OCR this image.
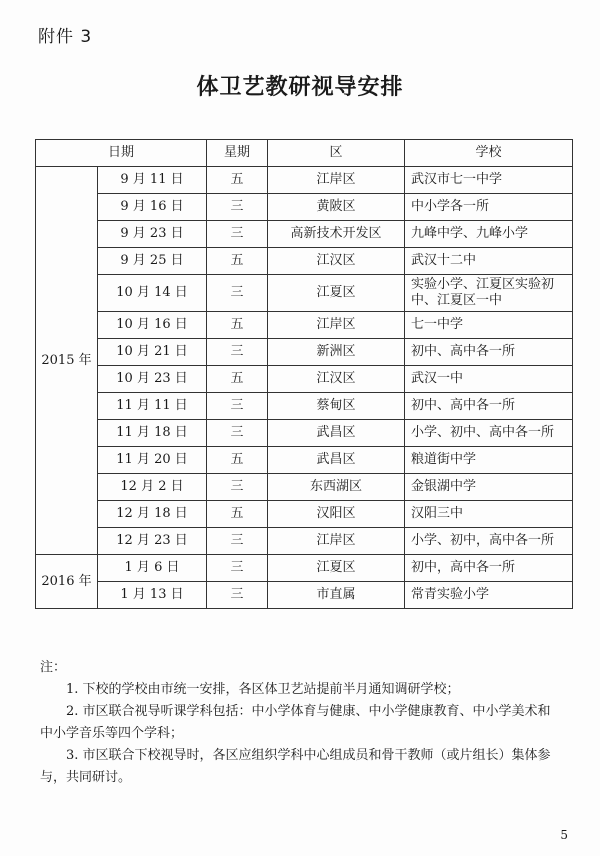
附件 3
体卫艺教研视导安排
日期		星期	区	学校
2015 年	9 月 11 日	五	江岸区	武汉市七一中学
	9 月 16 日	三	黄陂区	中小学各一所
	9 月 23 日	三	高新技术开发区	九峰中学、九峰小学
	9 月 25 日	五	江汉区	武汉十二中
	10 月 14 日	三	江夏区	实验小学、江夏区实验初中、江夏区一中
	10 月 16 日	五	江岸区	七一中学
	10 月 21 日	三	新洲区	初中、高中各一所
	10 月 23 日	五	江汉区	武汉一中
	11 月 11 日	三	蔡甸区	初中、高中各一所
	11 月 18 日	三	武昌区	小学、初中、高中各一所
	11 月 20 日	五	武昌区	粮道街中学
	12 月 2 日	三	东西湖区	金银湖中学
	12 月 18 日	五	汉阳区	汉阳三中
	12 月 23 日	三	江岸区	小学、初中，高中各一所
2016 年	1 月 6 日	三	江夏区	初中，高中各一所
	1 月 13 日	三	市直属	常青实验小学

注：

1. 下校的学校由市统一安排，各区体卫艺站提前半月通知调研学校；

2. 市区联合视导听课学科包括：中小学体育与健康、中小学健康教育、中小学美术和中小学音乐等四个学科；

3. 市区联合下校视导时，各区应组织学科中心组成员和骨干教师（或片组长）集体参与，共同研讨。

5
